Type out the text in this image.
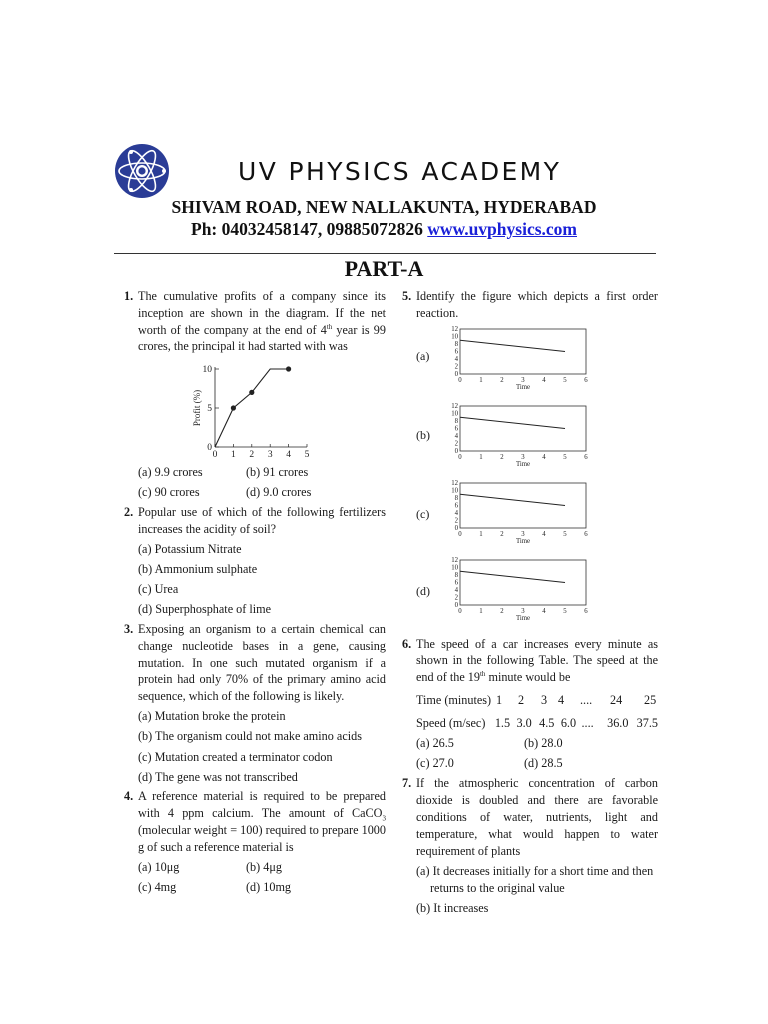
UV PHYSICS ACADEMY
SHIVAM ROAD, NEW NALLAKUNTA, HYDERABAD
Ph: 04032458147, 09885072826 www.uvphysics.com
PART-A
1. The cumulative profits of a company since its inception are shown in the diagram. If the net worth of the company at the end of 4th year is 99 crores, the principal it had started with was
0 1 2 3 4 5
0
5
10
Profit (%)
(a) 9.9 crores	(b) 91 crores
(c) 90 crores	(d) 9.0 crores
2. Popular use of which of the following fertilizers increases the acidity of soil?
(a) Potassium Nitrate
(b) Ammonium sulphate
(c) Urea
(d) Superphosphate of lime
3. Exposing an organism to a certain chemical can change nucleotide bases in a gene, causing mutation. In one such mutated organism if a protein had only 70% of the primary amino acid sequence, which of the following is likely.
(a) Mutation broke the protein
(b) The organism could not make amino acids
(c) Mutation created a terminator codon
(d) The gene was not transcribed
4. A reference material is required to be prepared with 4 ppm calcium. The amount of CaCO$_3$ (molecular weight = 100) required to prepare 1000 g of such a reference material is
(a) 10μg	(b) 4μg
(c) 4mg	(d) 10mg
5. Identify the figure which depicts a first order reaction.
(a)
0
2
4
6
8
10
12
0	1	2	3	4	5	6
Time
(b)
0
2
4
6
8
10
12
0	1	2	3	4	5	6
Time
(c)
0
2
4
6
8
10
12
0	1	2	3	4	5	6
Time
(d)
0
2
4
6
8
10
12
0	1	2	3	4	5	6
Time
6. The speed of a car increases every minute as shown in the following Table. The speed at the end of the 19th minute would be
Time (minutes) 1	2	3 4	....	24	25
Speed (m/sec) 1.5 3.0 4.5 6.0 ....	36.0 37.5
(a) 26.5	(b) 28.0
(c) 27.0	(d) 28.5
7. If the atmospheric concentration of carbon dioxide is doubled and there are favorable conditions of water, nutrients, light and temperature, what would happen to water requirement of plants
(a) It decreases initially for a short time and then returns to the original value
(b) It increases
